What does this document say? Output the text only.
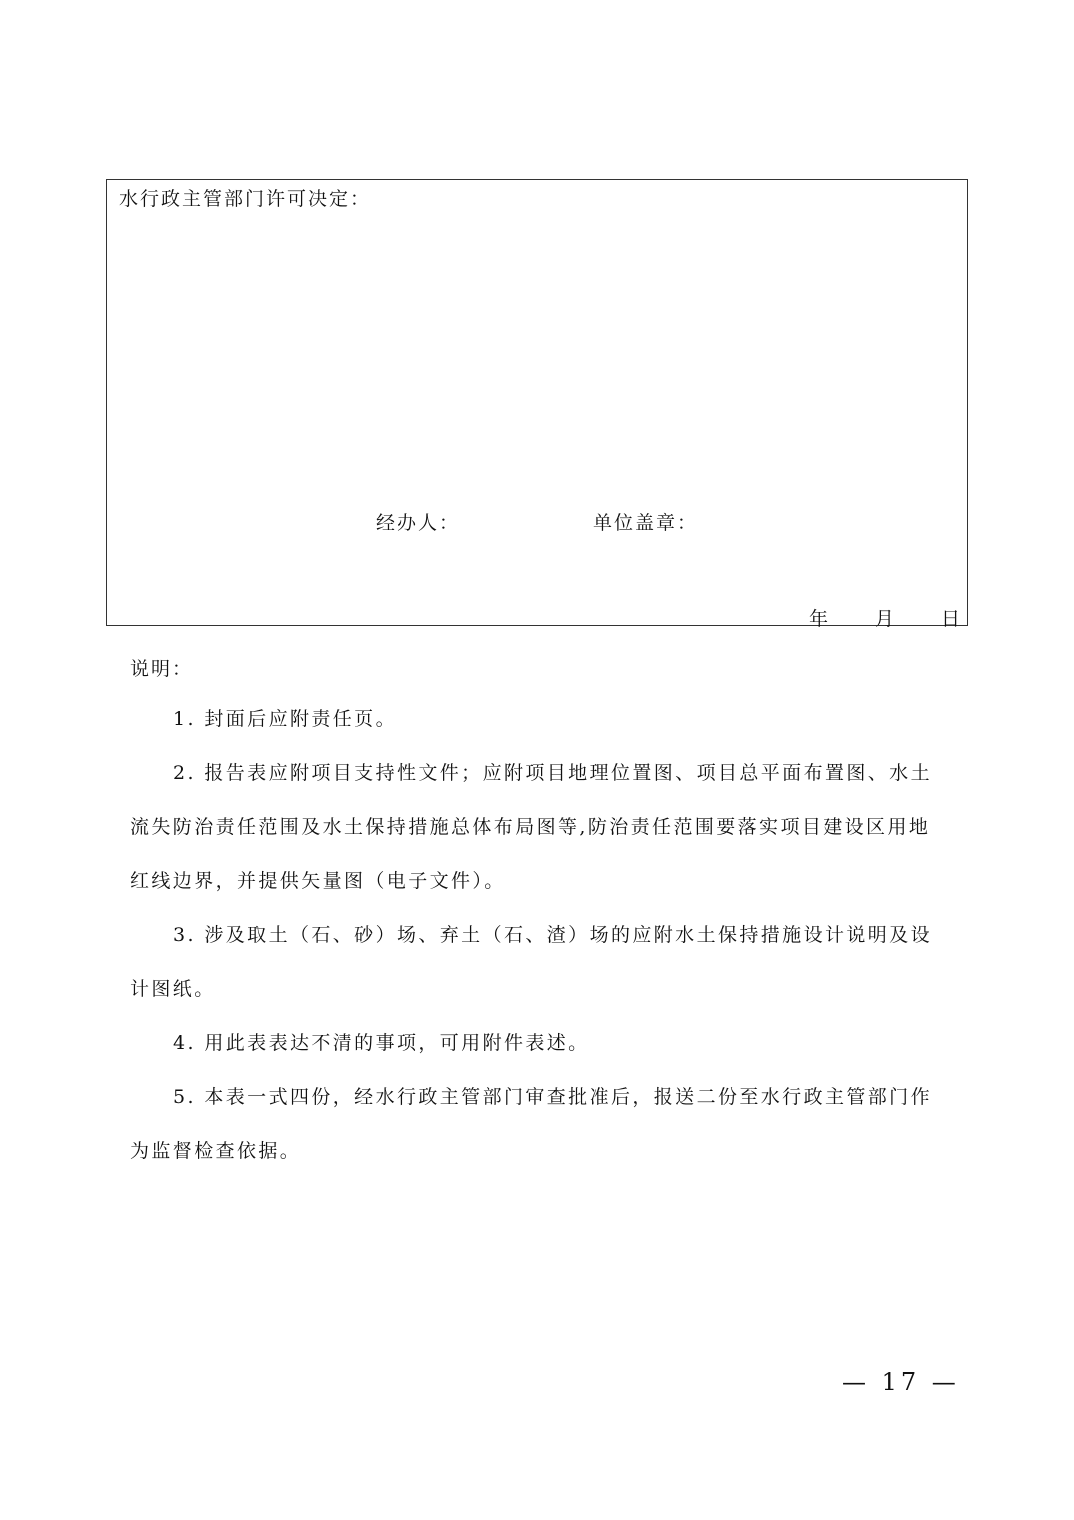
水行政主管部门许可决定：
经办人：	单位盖章：
年 月 日
说明：

1. 封面后应附责任页。

2. 报告表应附项目支持性文件；应附项目地理位置图、项目总平面布置图、水土流失防治责任范围及水土保持措施总体布局图等,防治责任范围要落实项目建设区用地红线边界，并提供矢量图（电子文件）。

3. 涉及取土（石、砂）场、弃土（石、渣）场的应附水土保持措施设计说明及设计图纸。

4. 用此表表达不清的事项，可用附件表述。

5. 本表一式四份，经水行政主管部门审查批准后，报送二份至水行政主管部门作为监督检查依据。

— 17 —
